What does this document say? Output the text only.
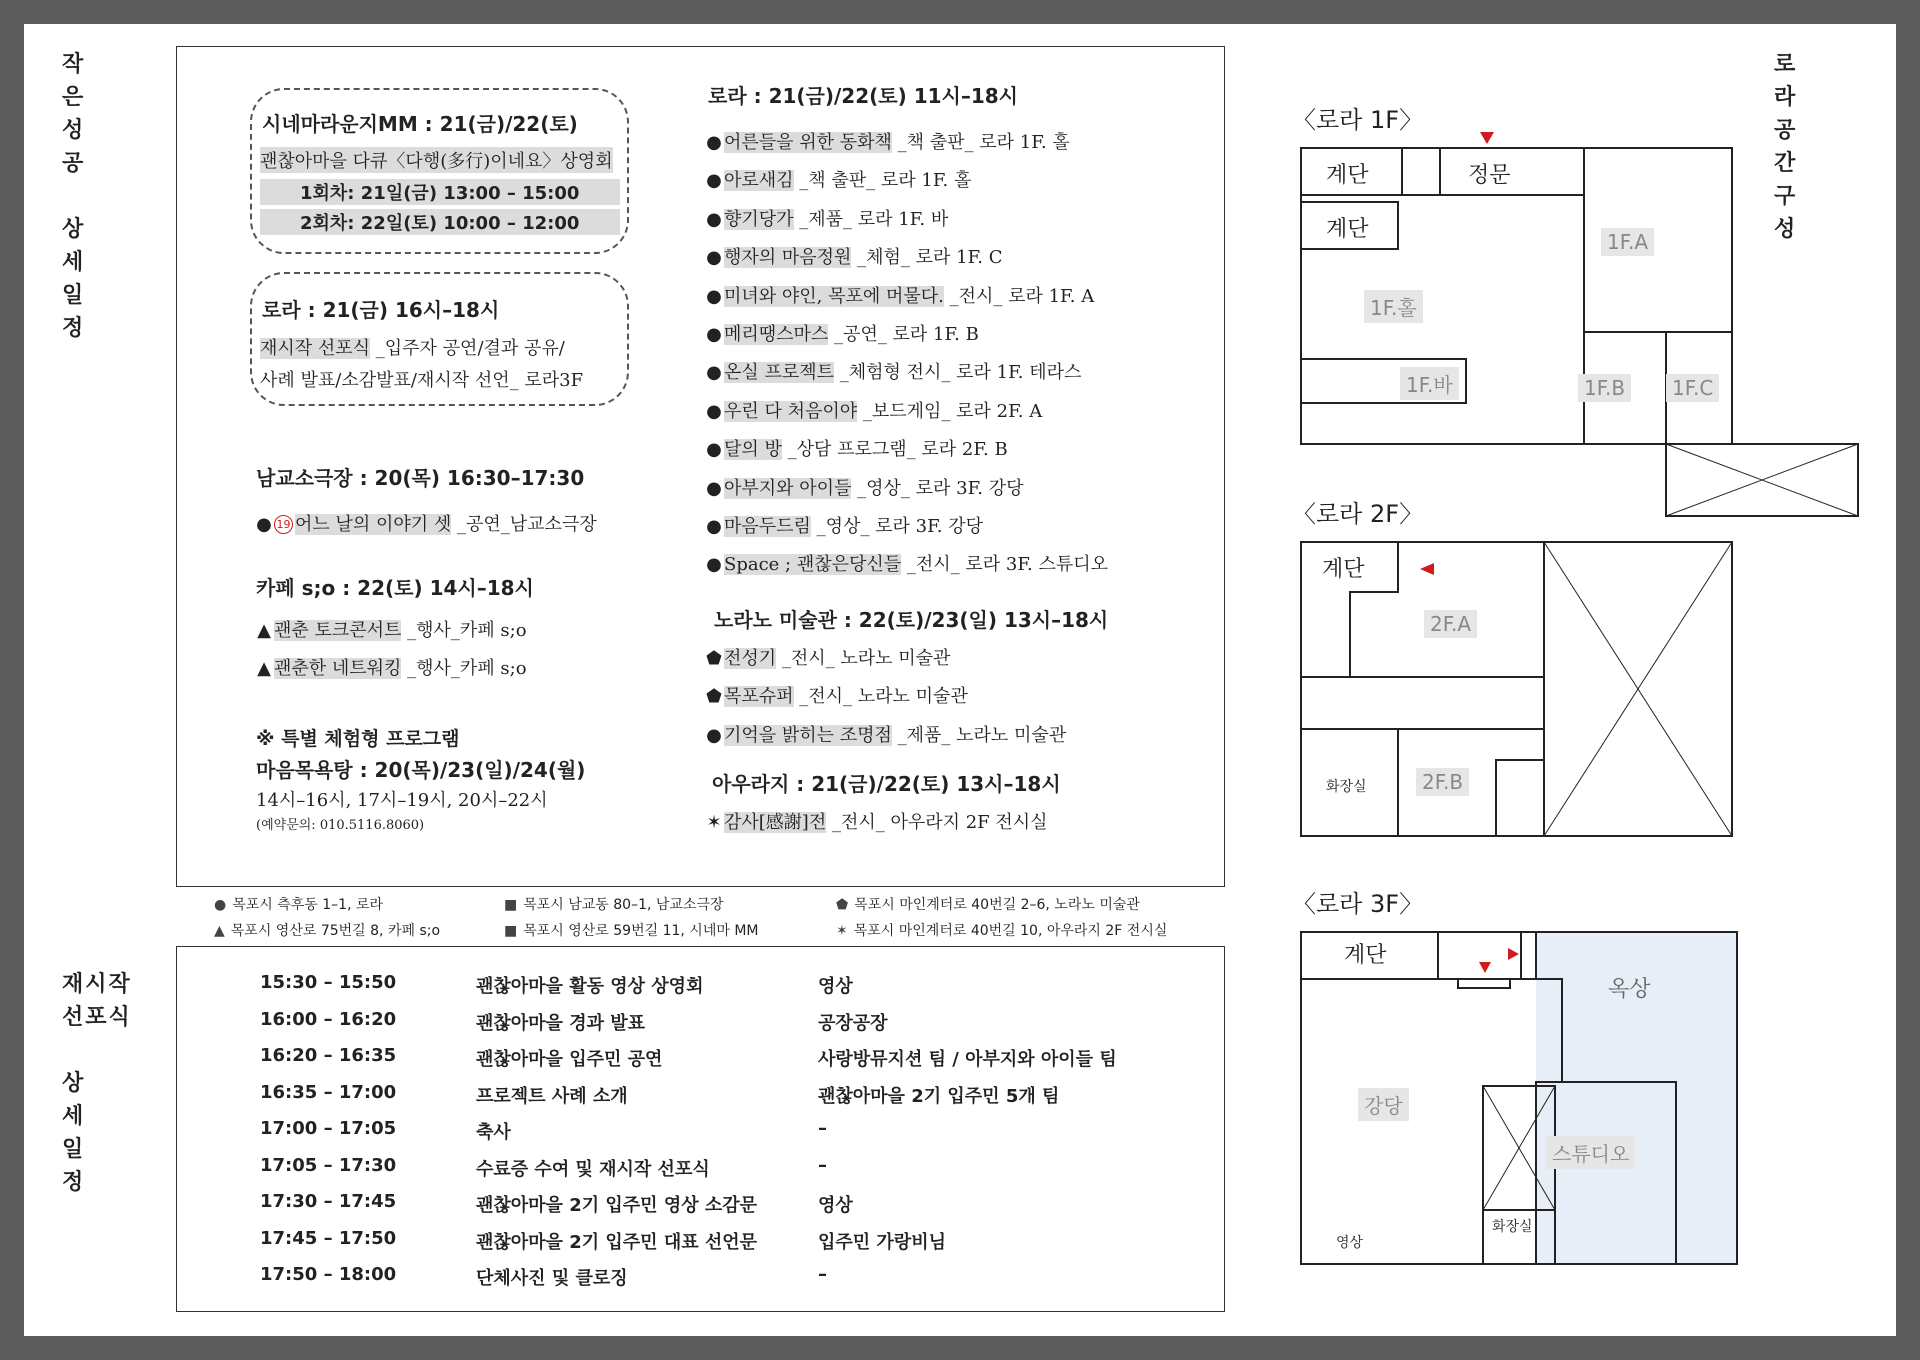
작 은
성 공
상 세
일 정
재시작
선포식
상 세
일 정
로 라
공 간
구 성
시네마라운지MM : 21(금)/22(토)
괜찮아마을 다큐〈다행(多行)이네요〉상영회
1회차: 21일(금) 13:00 – 15:00
2회차: 22일(토) 10:00 – 12:00
로라 : 21(금) 16시–18시
재시작 선포식 _입주자 공연/결과 공유/
사례 발표/소감발표/재시작 선언_ 로라3F
남교소극장 : 20(목) 16:30–17:30
● 19 어느 날의 이야기 셋 _공연_남교소극장
카페 s;o : 22(토) 14시–18시
▲ 괜춘 토크콘서트 _행사_카페 s;o
▲ 괜춘한 네트워킹 _행사_카페 s;o
※ 특별 체험형 프로그램
마음목욕탕 : 20(목)/23(일)/24(월)
14시–16시, 17시–19시, 20시–22시
(예약문의: 010.5116.8060)
로라 : 21(금)/22(토) 11시–18시
● 어른들을 위한 동화책 _책 출판_ 로라 1F. 홀
● 아로새김 _책 출판_ 로라 1F. 홀
● 향기당가 _제품_ 로라 1F. 바
● 행자의 마음정원 _체험_ 로라 1F. C
● 미녀와 야인, 목포에 머물다. _전시_ 로라 1F. A
● 메리땡스마스 _공연_ 로라 1F. B
● 온실 프로젝트 _체험형 전시_ 로라 1F. 테라스
● 우린 다 처음이야 _보드게임_ 로라 2F. A
● 달의 방 _상담 프로그램_ 로라 2F. B
● 아부지와 아이들 _영상_ 로라 3F. 강당
● 마음두드림 _영상_ 로라 3F. 강당
● Space ; 괜찮은당신들 _전시_ 로라 3F. 스튜디오
노라노 미술관 : 22(토)/23(일) 13시–18시
⬟ 전성기 _전시_ 노라노 미술관
⬟ 목포슈퍼 _전시_ 노라노 미술관
● 기억을 밝히는 조명점 _제품_ 노라노 미술관
아우라지 : 21(금)/22(토) 13시–18시
✶ 감사[感謝]전 _전시_ 아우라지 2F 전시실
● 목포시 측후동 1–1, 로라	■ 목포시 남교동 80–1, 남교소극장	⬟ 목포시 마인계터로 40번길 2–6, 노라노 미술관
▲ 목포시 영산로 75번길 8, 카페 s;o	■ 목포시 영산로 59번길 11, 시네마 MM	✶ 목포시 마인계터로 40번길 10, 아우라지 2F 전시실
15:30 – 15:50	괜찮아마을 활동 영상 상영회	영상
16:00 – 16:20	괜찮아마을 경과 발표	공장공장
16:20 – 16:35	괜찮아마을 입주민 공연	사랑방뮤지션 팀 / 아부지와 아이들 팀
16:35 – 17:00	프로젝트 사례 소개	괜찮아마을 2기 입주민 5개 팀
17:00 – 17:05	축사	–
17:05 – 17:30	수료증 수여 및 재시작 선포식	–
17:30 – 17:45	괜찮아마을 2기 입주민 영상 소감문	영상
17:45 – 17:50	괜찮아마을 2기 입주민 대표 선언문	입주민 가랑비님
17:50 – 18:00	단체사진 및 클로징	–
〈로라 1F〉
계단	정문
계단
1F.홀
1F.바
1F.A
1F.B	1F.C
〈로라 2F〉
계단
2F.A
화장실	2F.B
〈로라 3F〉
계단
옥상
강당
스튜디오
화장실
영상
